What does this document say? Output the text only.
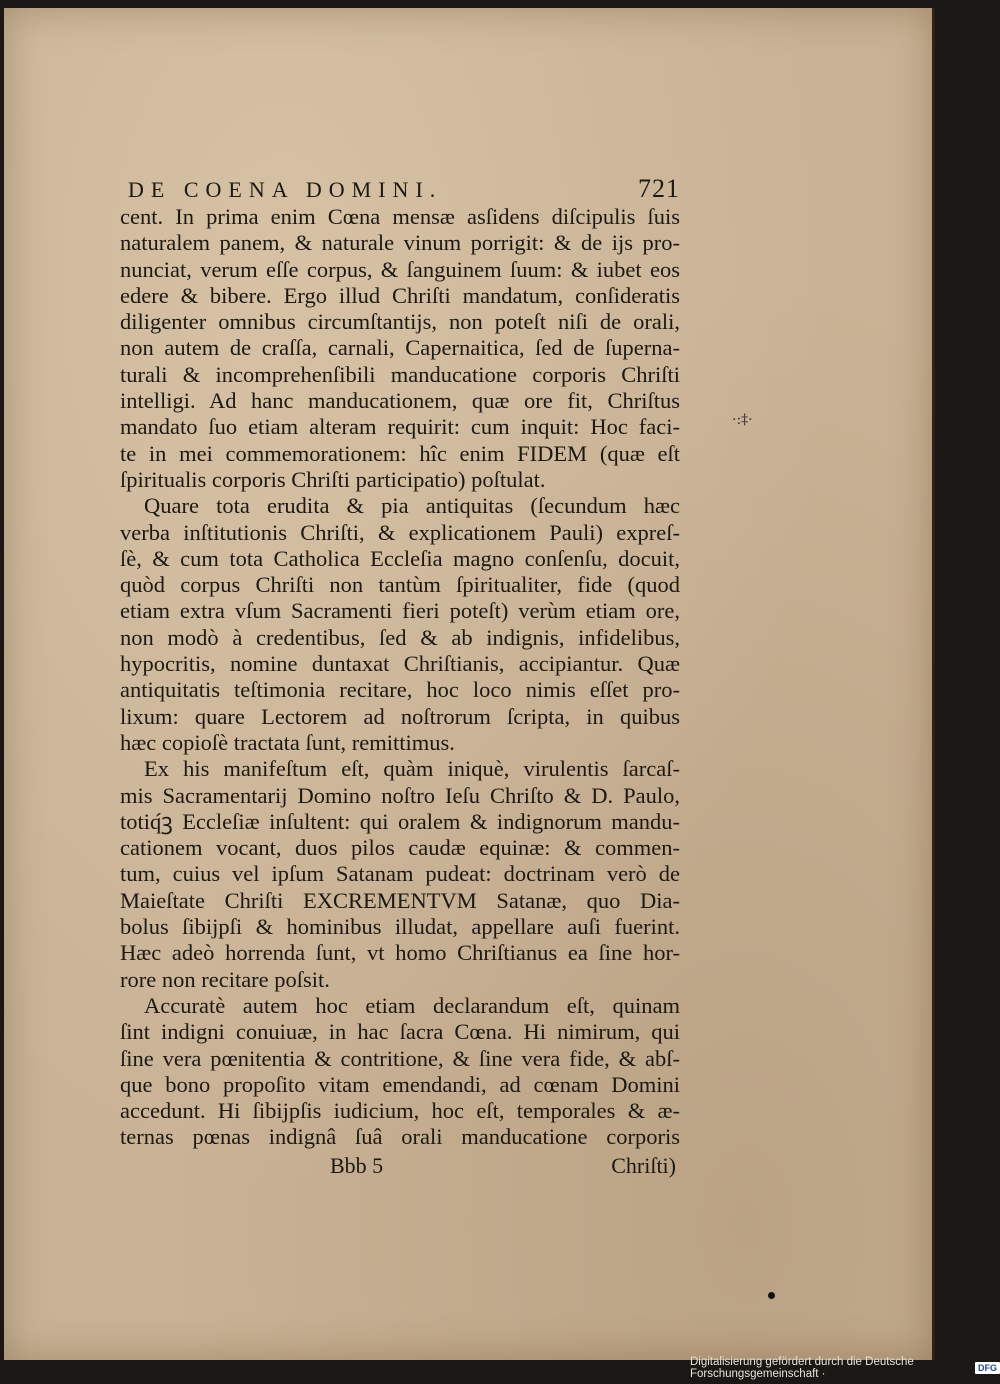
DE COENA DOMINI.	721
cent. In prima enim Cœna mensæ asſidens diſcipulis ſuis
naturalem panem, & naturale vinum porrigit: & de ijs pro-
nunciat, verum eſſe corpus, & ſanguinem ſuum: & iubet eos
edere & bibere. Ergo illud Chriſti mandatum, conſideratis
diligenter omnibus circumſtantijs, non poteſt niſi de orali,
non autem de craſſa, carnali, Capernaitica, ſed de ſuperna-
turali & incomprehenſibili manducatione corporis Chriſti
intelligi. Ad hanc manducationem, quæ ore fit, Chriſtus
mandato ſuo etiam alteram requirit: cum inquit: Hoc faci-
te in mei commemorationem: hîc enim FIDEM (quæ eſt
ſpiritualis corporis Chriſti participatio) poſtulat.
Quare tota erudita & pia antiquitas (ſecundum hæc
verba inſtitutionis Chriſti, & explicationem Pauli) expreſ-
ſè, & cum tota Catholica Eccleſia magno conſenſu, docuit,
quòd corpus Chriſti non tantùm ſpiritualiter, fide (quod
etiam extra vſum Sacramenti fieri poteſt) verùm etiam ore,
non modò à credentibus, ſed & ab indignis, infidelibus,
hypocritis, nomine duntaxat Chriſtianis, accipiantur. Quæ
antiquitatis teſtimonia recitare, hoc loco nimis eſſet pro-
lixum: quare Lectorem ad noſtrorum ſcripta, in quibus
hæc copioſè tractata ſunt, remittimus.
Ex his manifeſtum eſt, quàm iniquè, virulentis ſarcaſ-
mis Sacramentarij Domino noſtro Ieſu Chriſto & D. Paulo,
totiq́ꝫ Eccleſiæ inſultent: qui oralem & indignorum mandu-
cationem vocant, duos pilos caudæ equinæ: & commen-
tum, cuius vel ipſum Satanam pudeat: doctrinam verò de
Maieſtate Chriſti EXCREMENTVM Satanæ, quo Dia-
bolus ſibijpſi & hominibus illudat, appellare auſi fuerint.
Hæc adeò horrenda ſunt, vt homo Chriſtianus ea ſine hor-
rore non recitare poſsit.
Accuratè autem hoc etiam declarandum eſt, quinam
ſint indigni conuiuæ, in hac ſacra Cœna. Hi nimirum, qui
ſine vera pœnitentia & contritione, & ſine vera fide, & abſ-
que bono propoſito vitam emendandi, ad cœnam Domini
accedunt. Hi ſibijpſis iudicium, hoc eſt, temporales & æ-
ternas pœnas indignâ ſuâ orali manducatione corporis
Bbb 5	Chriſti)
·:‡·
Digitalisierung gefördert durch die Deutsche Forschungsgemeinschaft ·	DFG
